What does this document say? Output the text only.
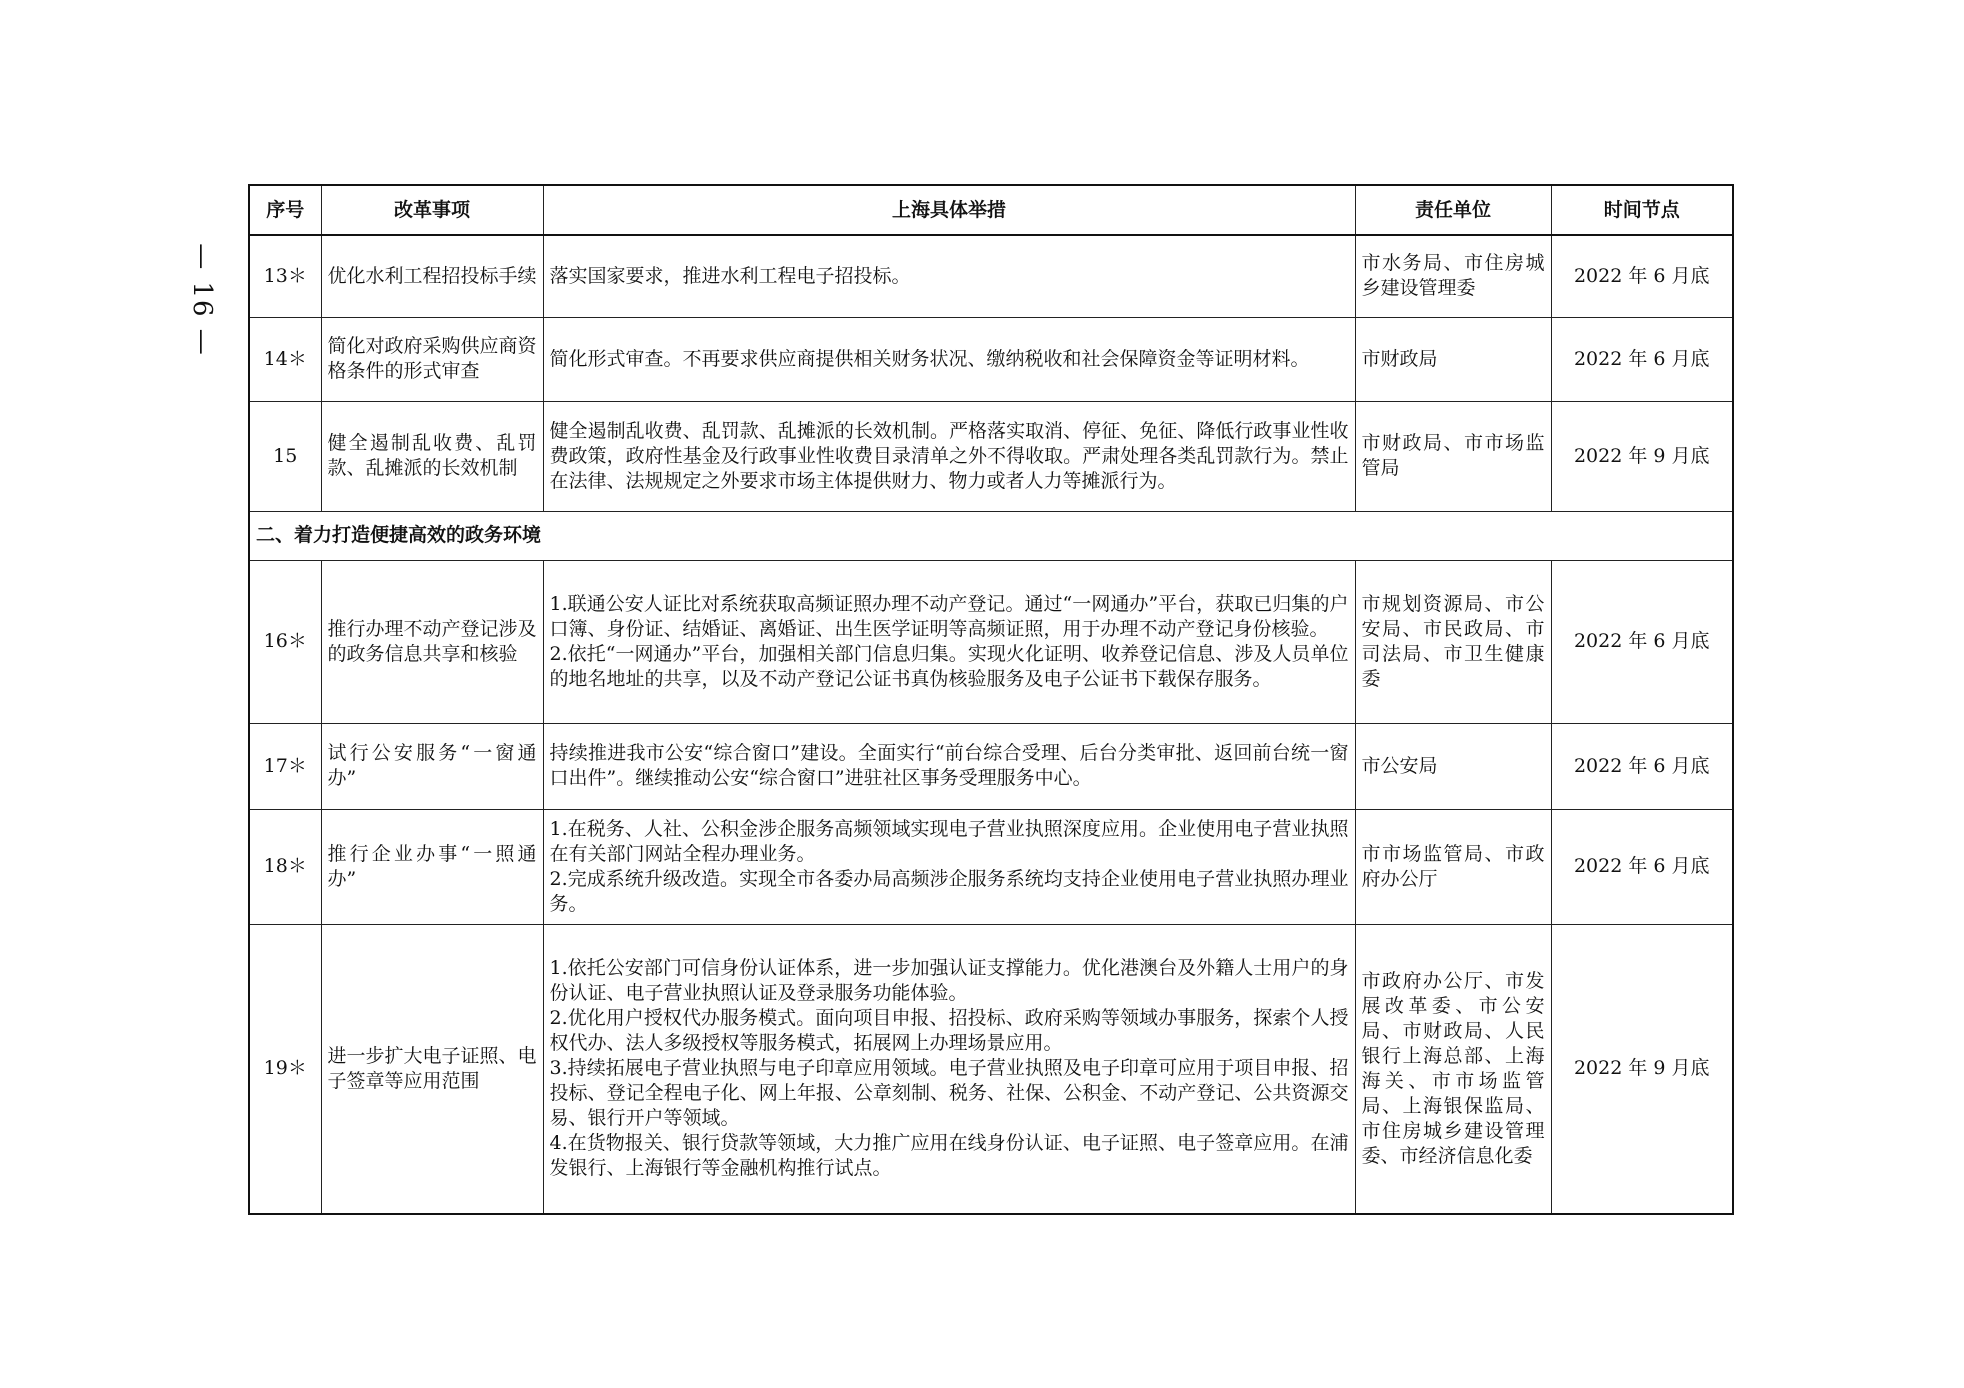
— 16 —
序号	改革事项	上海具体举措	责任单位	时间节点
13＊	优化水利工程招投标手续	落实国家要求，推进水利工程电子招投标。	市水务局、市住房城乡建设管理委	2022 年 6 月底
14＊	简化对政府采购供应商资格条件的形式审查	简化形式审查。不再要求供应商提供相关财务状况、缴纳税收和社会保障资金等证明材料。	市财政局	2022 年 6 月底
15	健全遏制乱收费、乱罚款、乱摊派的长效机制	健全遏制乱收费、乱罚款、乱摊派的长效机制。严格落实取消、停征、免征、降低行政事业性收费政策，政府性基金及行政事业性收费目录清单之外不得收取。严肃处理各类乱罚款行为。禁止在法律、法规规定之外要求市场主体提供财力、物力或者人力等摊派行为。	市财政局、市市场监管局	2022 年 9 月底
二、着力打造便捷高效的政务环境				
16＊	推行办理不动产登记涉及的政务信息共享和核验	1.联通公安人证比对系统获取高频证照办理不动产登记。通过“一网通办”平台，获取已归集的户口簿、身份证、结婚证、离婚证、出生医学证明等高频证照，用于办理不动产登记身份核验。
2.依托“一网通办”平台，加强相关部门信息归集。实现火化证明、收养登记信息、涉及人员单位的地名地址的共享，以及不动产登记公证书真伪核验服务及电子公证书下载保存服务。	市规划资源局、市公安局、市民政局、市司法局、市卫生健康委	2022 年 6 月底
17＊	试行公安服务“一窗通办”	持续推进我市公安“综合窗口”建设。全面实行“前台综合受理、后台分类审批、返回前台统一窗口出件”。继续推动公安“综合窗口”进驻社区事务受理服务中心。	市公安局	2022 年 6 月底
18＊	推行企业办事“一照通办”	1.在税务、人社、公积金涉企服务高频领域实现电子营业执照深度应用。企业使用电子营业执照在有关部门网站全程办理业务。
2.完成系统升级改造。实现全市各委办局高频涉企服务系统均支持企业使用电子营业执照办理业务。	市市场监管局、市政府办公厅	2022 年 6 月底
19＊	进一步扩大电子证照、电子签章等应用范围	1.依托公安部门可信身份认证体系，进一步加强认证支撑能力。优化港澳台及外籍人士用户的身份认证、电子营业执照认证及登录服务功能体验。
2.优化用户授权代办服务模式。面向项目申报、招投标、政府采购等领域办事服务，探索个人授权代办、法人多级授权等服务模式，拓展网上办理场景应用。
3.持续拓展电子营业执照与电子印章应用领域。电子营业执照及电子印章可应用于项目申报、招投标、登记全程电子化、网上年报、公章刻制、税务、社保、公积金、不动产登记、公共资源交易、银行开户等领域。
4.在货物报关、银行贷款等领域，大力推广应用在线身份认证、电子证照、电子签章应用。在浦发银行、上海银行等金融机构推行试点。	市政府办公厅、市发展改革委、市公安局、市财政局、人民银行上海总部、上海海关、市市场监管局、上海银保监局、市住房城乡建设管理委、市经济信息化委	2022 年 9 月底
